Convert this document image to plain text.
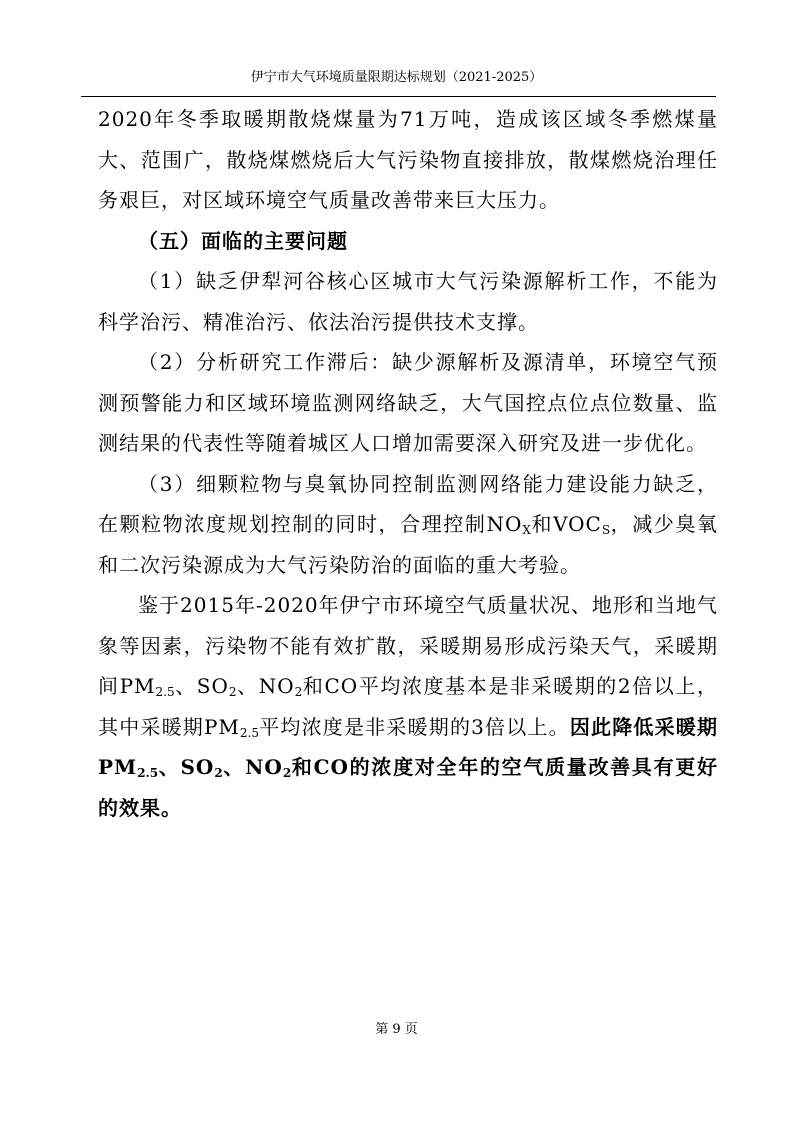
伊宁市大气环境质量限期达标规划（2021-2025）

2020年冬季取暖期散烧煤量为71万吨，造成该区域冬季燃煤量大、范围广，散烧煤燃烧后大气污染物直接排放，散煤燃烧治理任务艰巨，对区域环境空气质量改善带来巨大压力。

（五）面临的主要问题

（1）缺乏伊犁河谷核心区城市大气污染源解析工作，不能为科学治污、精准治污、依法治污提供技术支撑。

（2）分析研究工作滞后：缺少源解析及源清单，环境空气预测预警能力和区域环境监测网络缺乏，大气国控点位点位数量、监测结果的代表性等随着城区人口增加需要深入研究及进一步优化。

（3）细颗粒物与臭氧协同控制监测网络能力建设能力缺乏，在颗粒物浓度规划控制的同时，合理控制$NO_X$和$VOC_S$，减少臭氧和二次污染源成为大气污染防治的面临的重大考验。

鉴于2015年-2020年伊宁市环境空气质量状况、地形和当地气象等因素，污染物不能有效扩散，采暖期易形成污染天气，采暖期间$PM_{2.5}$、$SO_2$、$NO_2$和CO平均浓度基本是非采暖期的2倍以上，其中采暖期$PM_{2.5}$平均浓度是非采暖期的3倍以上。因此降低采暖期$PM_{2.5}$、$SO_2$、$NO_2$和CO的浓度对全年的空气质量改善具有更好的效果。

第 9 页
